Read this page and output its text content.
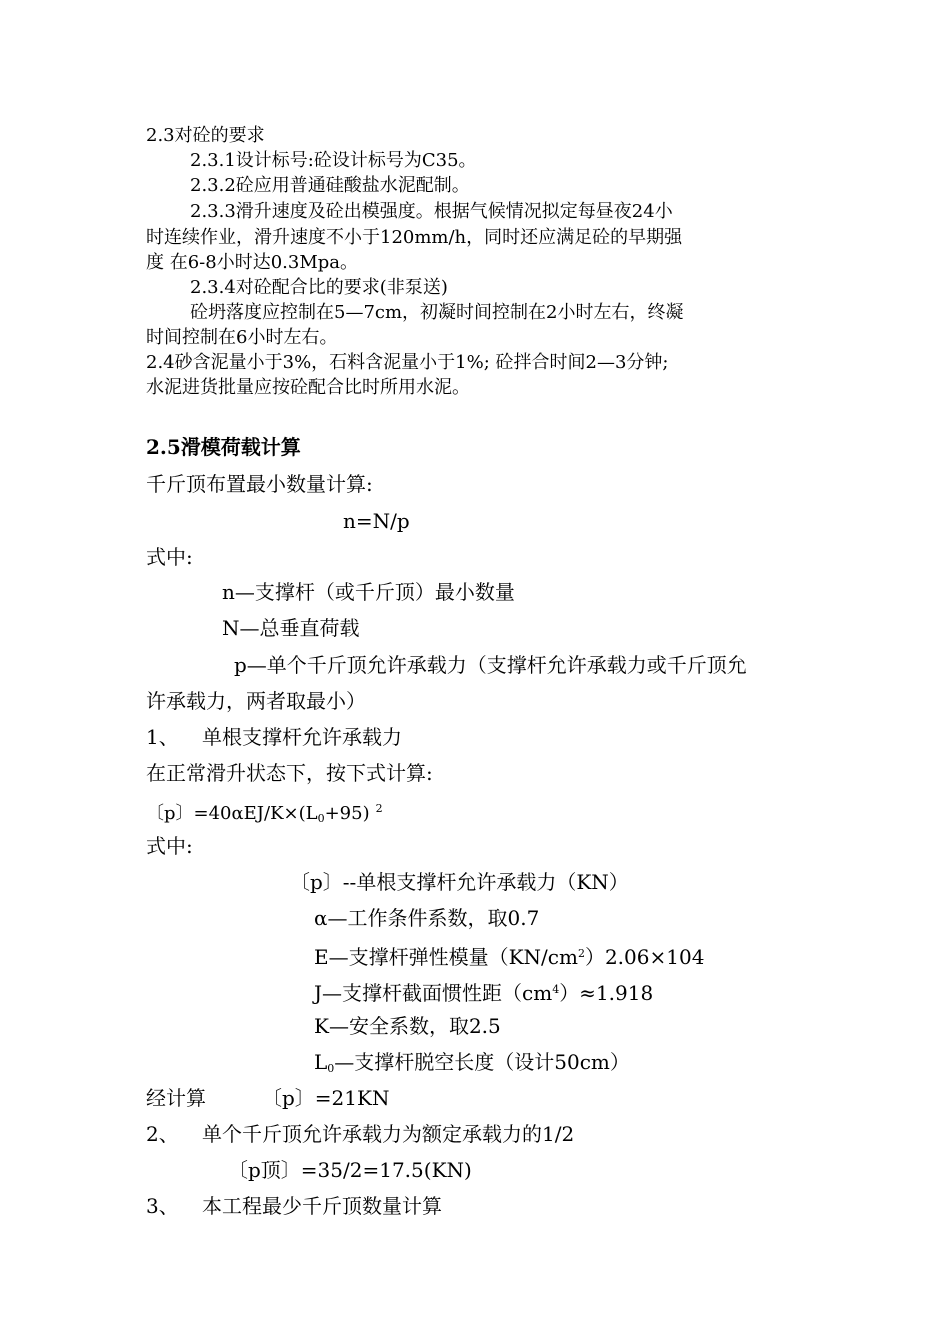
2.3对砼的要求
2.3.1设计标号:砼设计标号为C35。
2.3.2砼应用普通硅酸盐水泥配制。
2.3.3滑升速度及砼出模强度。根据气候情况拟定每昼夜24小
时连续作业，滑升速度不小于120mm/h，同时还应满足砼的早期强
度 在6-8小时达0.3Mpa。
2.3.4对砼配合比的要求(非泵送)
砼坍落度应控制在5—7cm，初凝时间控制在2小时左右，终凝
时间控制在6小时左右。
2.4砂含泥量小于3%，石料含泥量小于1%; 砼拌合时间2—3分钟;
水泥进货批量应按砼配合比时所用水泥。
2.5滑模荷载计算
千斤顶布置最小数量计算:
n=N/p
式中:
n—支撑杆（或千斤顶）最小数量
N—总垂直荷载
p—单个千斤顶允许承载力（支撑杆允许承载力或千斤顶允
许承载力，两者取最小）
1、 单根支撑杆允许承载力
在正常滑升状态下，按下式计算:
〔p〕$=40\alpha EJ/K\times(L_0+95)$ $^2$
式中:
〔p〕--单根支撑杆允许承载力（KN）
α—工作条件系数，取0.7
E—支撑杆弹性模量$(KN/cm^2)2.06\times 104$
J—支撑杆截面惯性距$(cm^4)\approx 1.918$
K—安全系数，取2.5
$L_0—$支撑杆脱空长度（设计50cm）
经计算	〔p〕=21KN
2、 单个千斤顶允许承载力为额定承载力的1/2
〔p顶〕=35/2=17.5(KN)
3、 本工程最少千斤顶数量计算
